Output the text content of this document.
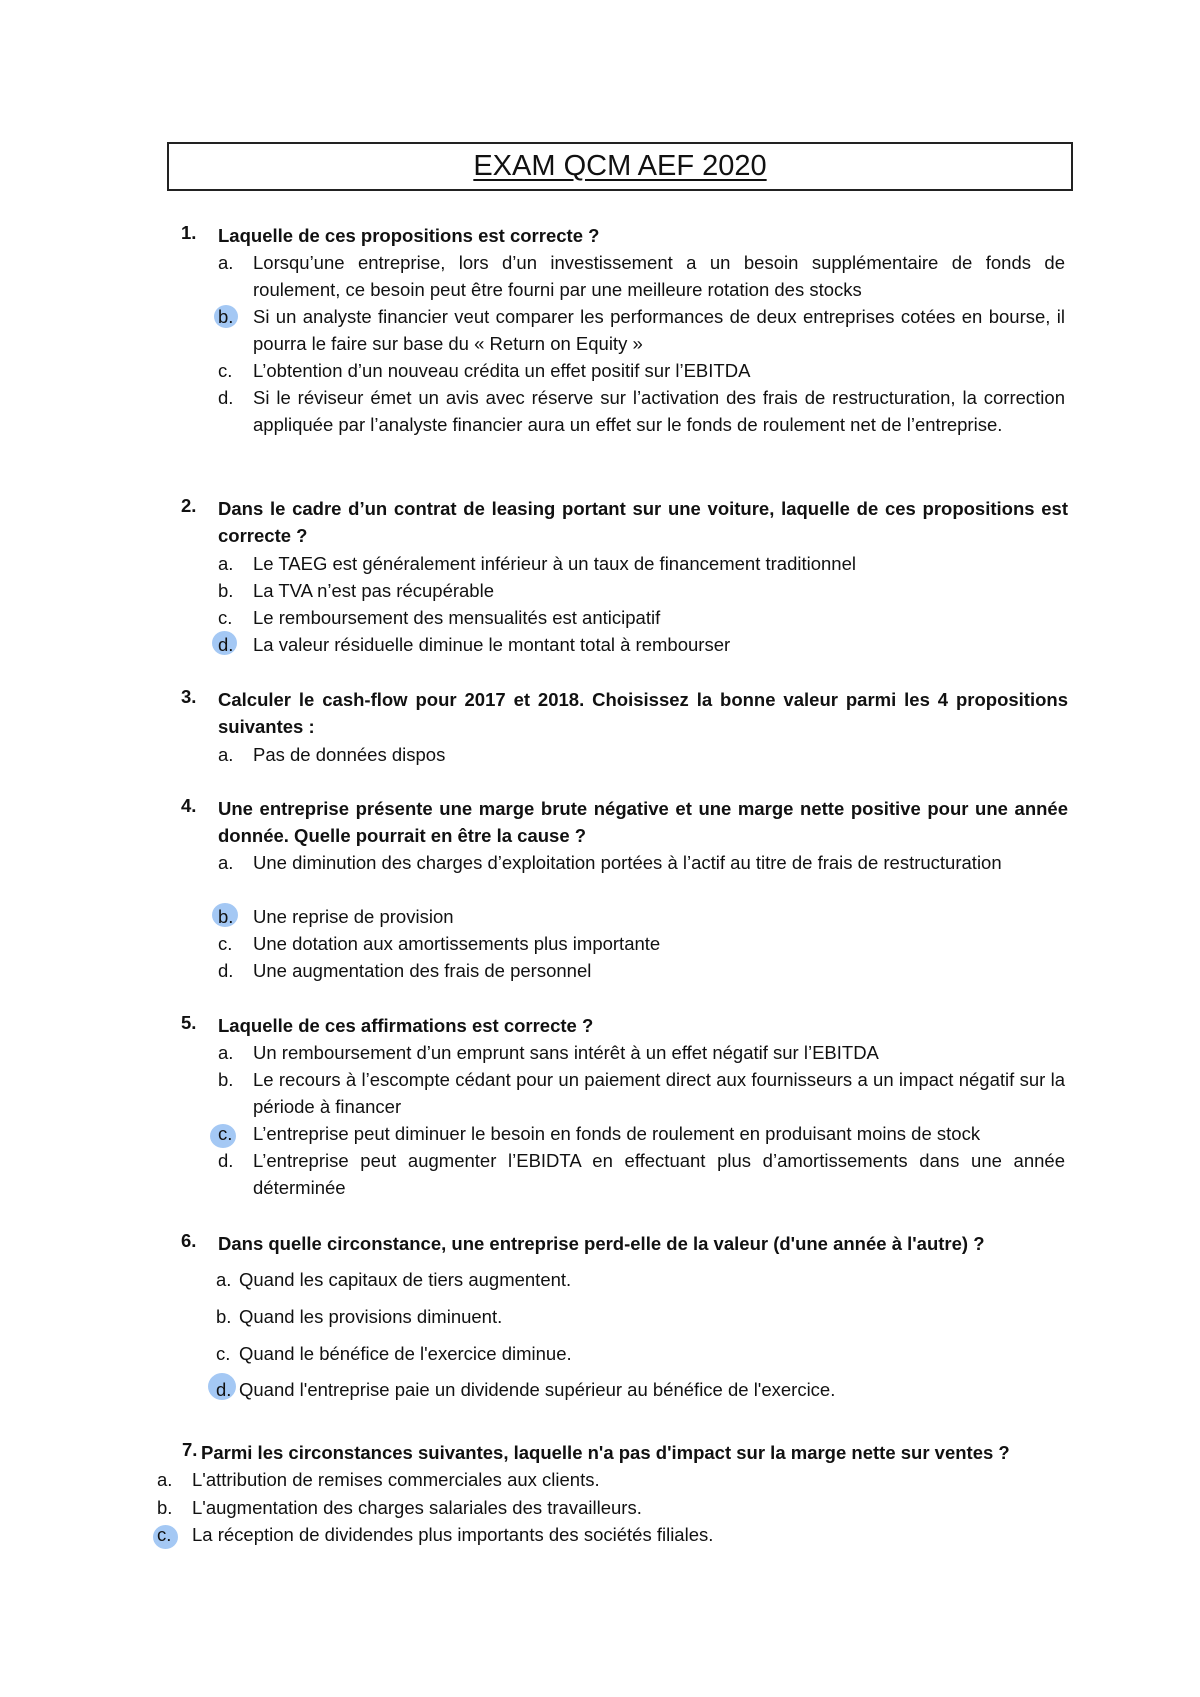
EXAM QCM AEF 2020
1. Laquelle de ces propositions est correcte ?
a. Lorsqu’une entreprise, lors d’un investissement a un besoin supplémentaire de fonds de roulement, ce besoin peut être fourni par une meilleure rotation des stocks
b. Si un analyste financier veut comparer les performances de deux entreprises cotées en bourse, il pourra le faire sur base du « Return on Equity »
c. L’obtention d’un nouveau crédita un effet positif sur l’EBITDA
d. Si le réviseur émet un avis avec réserve sur l’activation des frais de restructuration, la correction appliquée par l’analyste financier aura un effet sur le fonds de roulement net de l’entreprise.
2. Dans le cadre d’un contrat de leasing portant sur une voiture, laquelle de ces propositions est correcte ?
a. Le TAEG est généralement inférieur à un taux de financement traditionnel
b. La TVA n’est pas récupérable
c. Le remboursement des mensualités est anticipatif
d. La valeur résiduelle diminue le montant total à rembourser
3. Calculer le cash-flow pour 2017 et 2018. Choisissez la bonne valeur parmi les 4 propositions suivantes :
a. Pas de données dispos
4. Une entreprise présente une marge brute négative et une marge nette positive pour une année donnée. Quelle pourrait en être la cause ?
a. Une diminution des charges d’exploitation portées à l’actif au titre de frais de restructuration
b. Une reprise de provision
c. Une dotation aux amortissements plus importante
d. Une augmentation des frais de personnel
5. Laquelle de ces affirmations est correcte ?
a. Un remboursement d’un emprunt sans intérêt à un effet négatif sur l’EBITDA
b. Le recours à l’escompte cédant pour un paiement direct aux fournisseurs a un impact négatif sur la période à financer
c. L’entreprise peut diminuer le besoin en fonds de roulement en produisant moins de stock
d. L’entreprise peut augmenter l’EBIDTA en effectuant plus d’amortissements dans une année déterminée
6. Dans quelle circonstance, une entreprise perd-elle de la valeur (d'une année à l'autre) ?
a. Quand les capitaux de tiers augmentent.
b. Quand les provisions diminuent.
c. Quand le bénéfice de l'exercice diminue.
d. Quand l'entreprise paie un dividende supérieur au bénéfice de l'exercice.
7. Parmi les circonstances suivantes, laquelle n'a pas d'impact sur la marge nette sur ventes ?
a. L'attribution de remises commerciales aux clients.
b. L'augmentation des charges salariales des travailleurs.
c. La réception de dividendes plus importants des sociétés filiales.
